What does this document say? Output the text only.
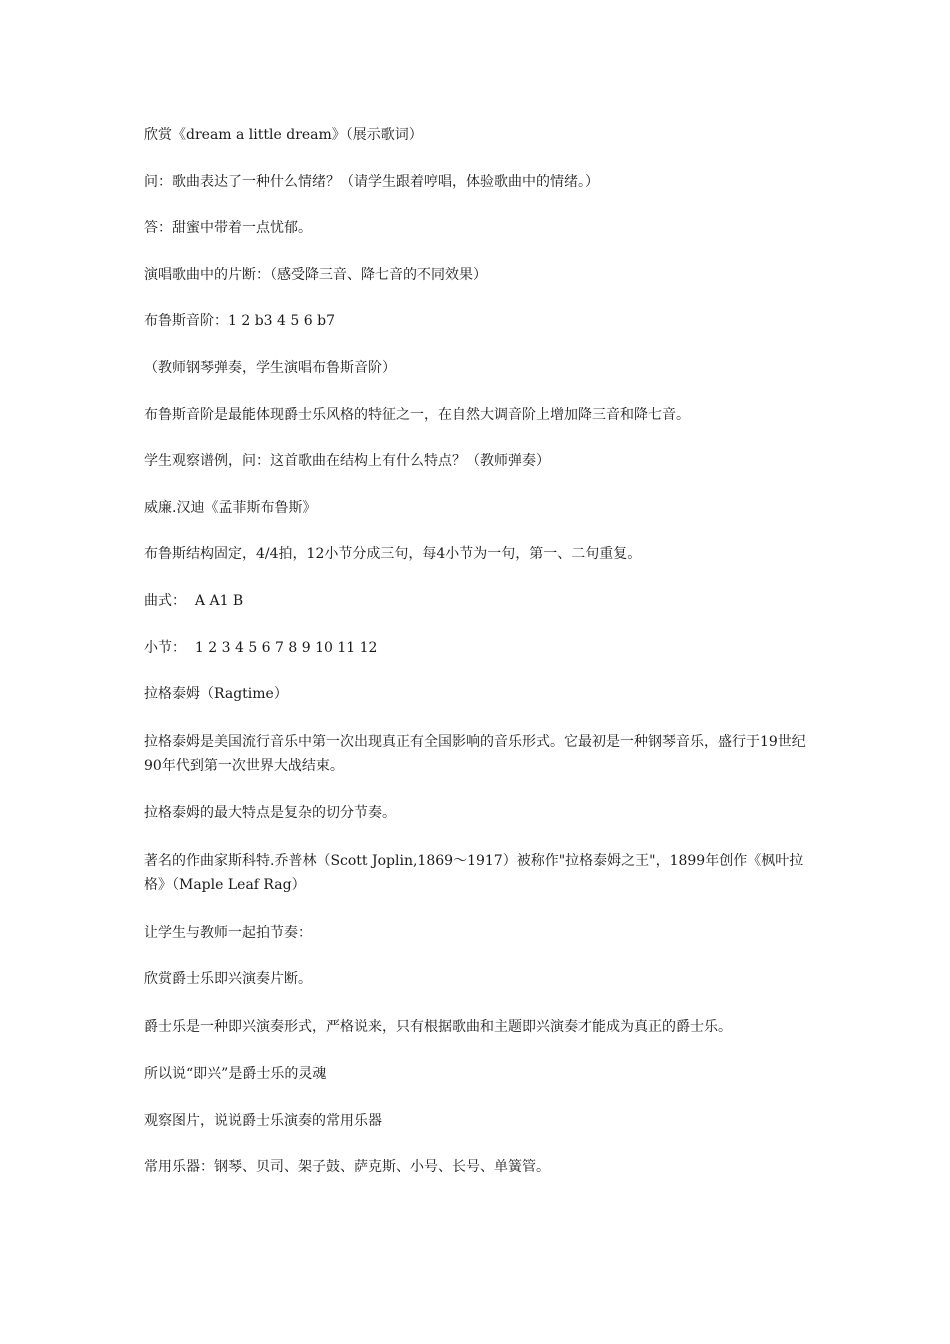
欣赏《dream a little dream》（展示歌词）

问：歌曲表达了一种什么情绪？（请学生跟着哼唱，体验歌曲中的情绪。）

答：甜蜜中带着一点忧郁。

演唱歌曲中的片断：（感受降三音、降七音的不同效果）

布鲁斯音阶：1 2 b3 4 5 6 b7

（教师钢琴弹奏，学生演唱布鲁斯音阶）

布鲁斯音阶是最能体现爵士乐风格的特征之一，在自然大调音阶上增加降三音和降七音。

学生观察谱例，问：这首歌曲在结构上有什么特点？（教师弹奏）

威廉.汉迪《孟菲斯布鲁斯》

布鲁斯结构固定，4/4拍，12小节分成三句，每4小节为一句，第一、二句重复。

曲式：  A A1 B

小节：  1 2 3 4 5 6 7 8 9 10 11 12

拉格泰姆（Ragtime）

拉格泰姆是美国流行音乐中第一次出现真正有全国影响的音乐形式。它最初是一种钢琴音乐，盛行于19世纪90年代到第一次世界大战结束。

拉格泰姆的最大特点是复杂的切分节奏。

著名的作曲家斯科特.乔普林（Scott Joplin,1869～1917）被称作"拉格泰姆之王"，1899年创作《枫叶拉格》（Maple Leaf Rag）

让学生与教师一起拍节奏：

欣赏爵士乐即兴演奏片断。

爵士乐是一种即兴演奏形式，严格说来，只有根据歌曲和主题即兴演奏才能成为真正的爵士乐。

所以说“即兴”是爵士乐的灵魂

观察图片，说说爵士乐演奏的常用乐器

常用乐器：钢琴、贝司、架子鼓、萨克斯、小号、长号、单簧管。
